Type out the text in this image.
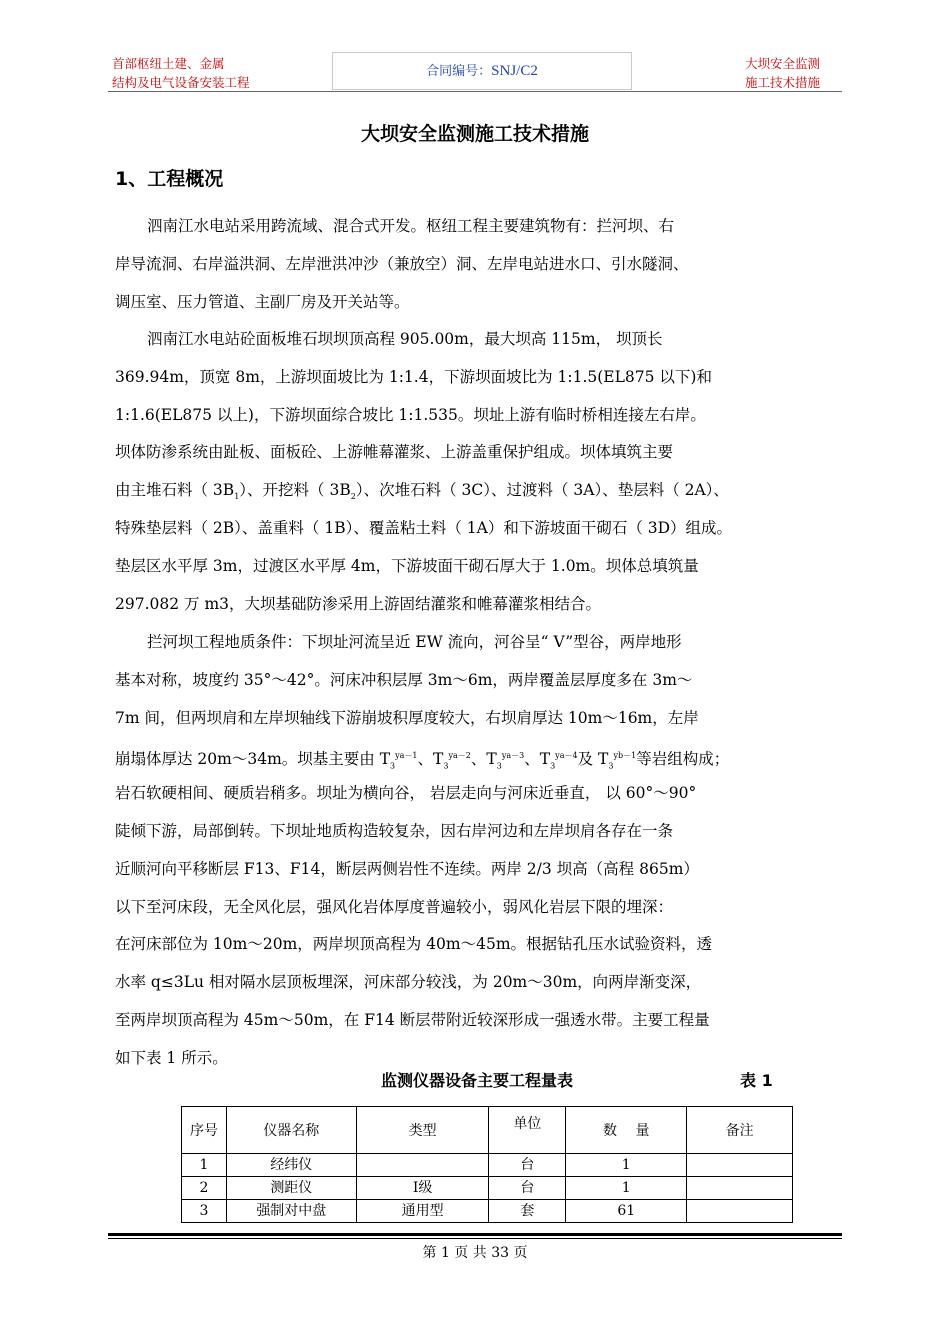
首部枢纽土建、金属
结构及电气设备安装工程
合同编号：SNJ/C2	大坝安全监测
施工技术措施
大坝安全监测施工技术措施
1、工程概况
泗南江水电站采用跨流域、混合式开发。枢纽工程主要建筑物有：拦河坝、右
岸导流洞、右岸溢洪洞、左岸泄洪冲沙（兼放空）洞、左岸电站进水口、引水隧洞、
调压室、压力管道、主副厂房及开关站等。
泗南江水电站砼面板堆石坝坝顶高程 905.00m，最大坝高 115m， 坝顶长
369.94m，顶宽 8m，上游坝面坡比为 1:1.4，下游坝面坡比为 1:1.5(EL875 以下)和
1:1.6(EL875 以上)，下游坝面综合坡比 1:1.535。坝址上游有临时桥相连接左右岸。
坝体防渗系统由趾板、面板砼、上游帷幕灌浆、上游盖重保护组成。坝体填筑主要
由主堆石料（ $3B_1$）、开挖料（ $3B_2$）、次堆石料（ 3C）、过渡料（ 3A）、垫层料（ 2A）、
特殊垫层料（ 2B）、盖重料（ 1B）、覆盖粘土料（ 1A）和下游坡面干砌石（ 3D）组成。
垫层区水平厚 3m，过渡区水平厚 4m，下游坡面干砌石厚大于 1.0m。坝体总填筑量
297.082 万 m3，大坝基础防渗采用上游固结灌浆和帷幕灌浆相结合。
拦河坝工程地质条件：下坝址河流呈近 EW 流向，河谷呈“ V”型谷，两岸地形
基本对称，坡度约 35°～42°。河床冲积层厚 3m～6m，两岸覆盖层厚度多在 3m～
7m 间，但两坝肩和左岸坝轴线下游崩坡积厚度较大，右坝肩厚达 10m～16m，左岸
崩塌体厚达 20m～34m。坝基主要由 $T_3^{ya-1}$、$T_3^{ya-2}$、$T_3^{ya-3}$、$T_3^{ya-4}$及 $T_3^{yb-1}$等岩组构成；
岩石软硬相间、硬质岩稍多。坝址为横向谷， 岩层走向与河床近垂直， 以 60°～90°
陡倾下游，局部倒转。下坝址地质构造较复杂，因右岸河边和左岸坝肩各存在一条
近顺河向平移断层 F13、F14，断层两侧岩性不连续。两岸 2/3 坝高（高程 865m）
以下至河床段，无全风化层，强风化岩体厚度普遍较小，弱风化岩层下限的埋深：
在河床部位为 10m～20m，两岸坝顶高程为 40m～45m。根据钻孔压水试验资料，透
水率 q≤3Lu 相对隔水层顶板埋深，河床部分较浅，为 20m～30m，向两岸渐变深，
至两岸坝顶高程为 45m～50m，在 F14 断层带附近较深形成一强透水带。主要工程量
如下表 1 所示。
监测仪器设备主要工程量表	表 1
序号	仪器名称	类型	单位	数　 量	备注
1	经纬仪		台	1	
2	测距仪	Ⅰ级	台	1	
3	强制对中盘	通用型	套	61	
第 1 页 共 33 页
